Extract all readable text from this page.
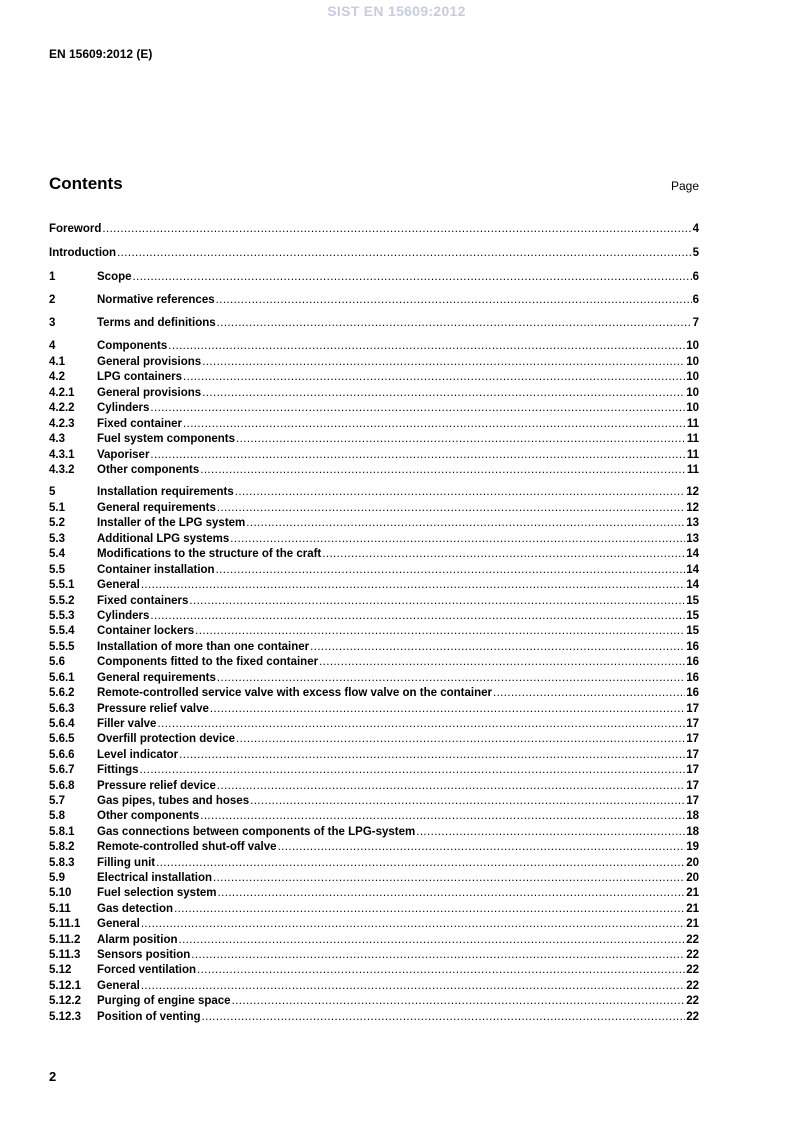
SIST EN 15609:2012
EN 15609:2012 (E)
Contents	Page
Foreword .....	4
Introduction .....	5
1	Scope .....	6
2	Normative references .....	6
3	Terms and definitions .....	7
4	Components .....	10
4.1	General provisions .....	10
4.2	LPG containers .....	10
4.2.1	General provisions .....	10
4.2.2	Cylinders .....	10
4.2.3	Fixed container .....	11
4.3	Fuel system components .....	11
4.3.1	Vaporiser .....	11
4.3.2	Other components .....	11
5	Installation requirements .....	12
5.1	General requirements .....	12
5.2	Installer of the LPG system .....	13
5.3	Additional LPG systems .....	13
5.4	Modifications to the structure of the craft .....	14
5.5	Container installation .....	14
5.5.1	General .....	14
5.5.2	Fixed containers .....	15
5.5.3	Cylinders .....	15
5.5.4	Container lockers .....	15
5.5.5	Installation of more than one container .....	16
5.6	Components fitted to the fixed container .....	16
5.6.1	General requirements .....	16
5.6.2	Remote-controlled service valve with excess flow valve on the container .....	16
5.6.3	Pressure relief valve .....	17
5.6.4	Filler valve .....	17
5.6.5	Overfill protection device .....	17
5.6.6	Level indicator .....	17
5.6.7	Fittings .....	17
5.6.8	Pressure relief device .....	17
5.7	Gas pipes, tubes and hoses .....	17
5.8	Other components .....	18
5.8.1	Gas connections between components of the LPG-system .....	18
5.8.2	Remote-controlled shut-off valve .....	19
5.8.3	Filling unit .....	20
5.9	Electrical installation .....	20
5.10	Fuel selection system .....	21
5.11	Gas detection .....	21
5.11.1	General .....	21
5.11.2	Alarm position .....	22
5.11.3	Sensors position .....	22
5.12	Forced ventilation .....	22
5.12.1	General .....	22
5.12.2	Purging of engine space .....	22
5.12.3	Position of venting .....	22
2
